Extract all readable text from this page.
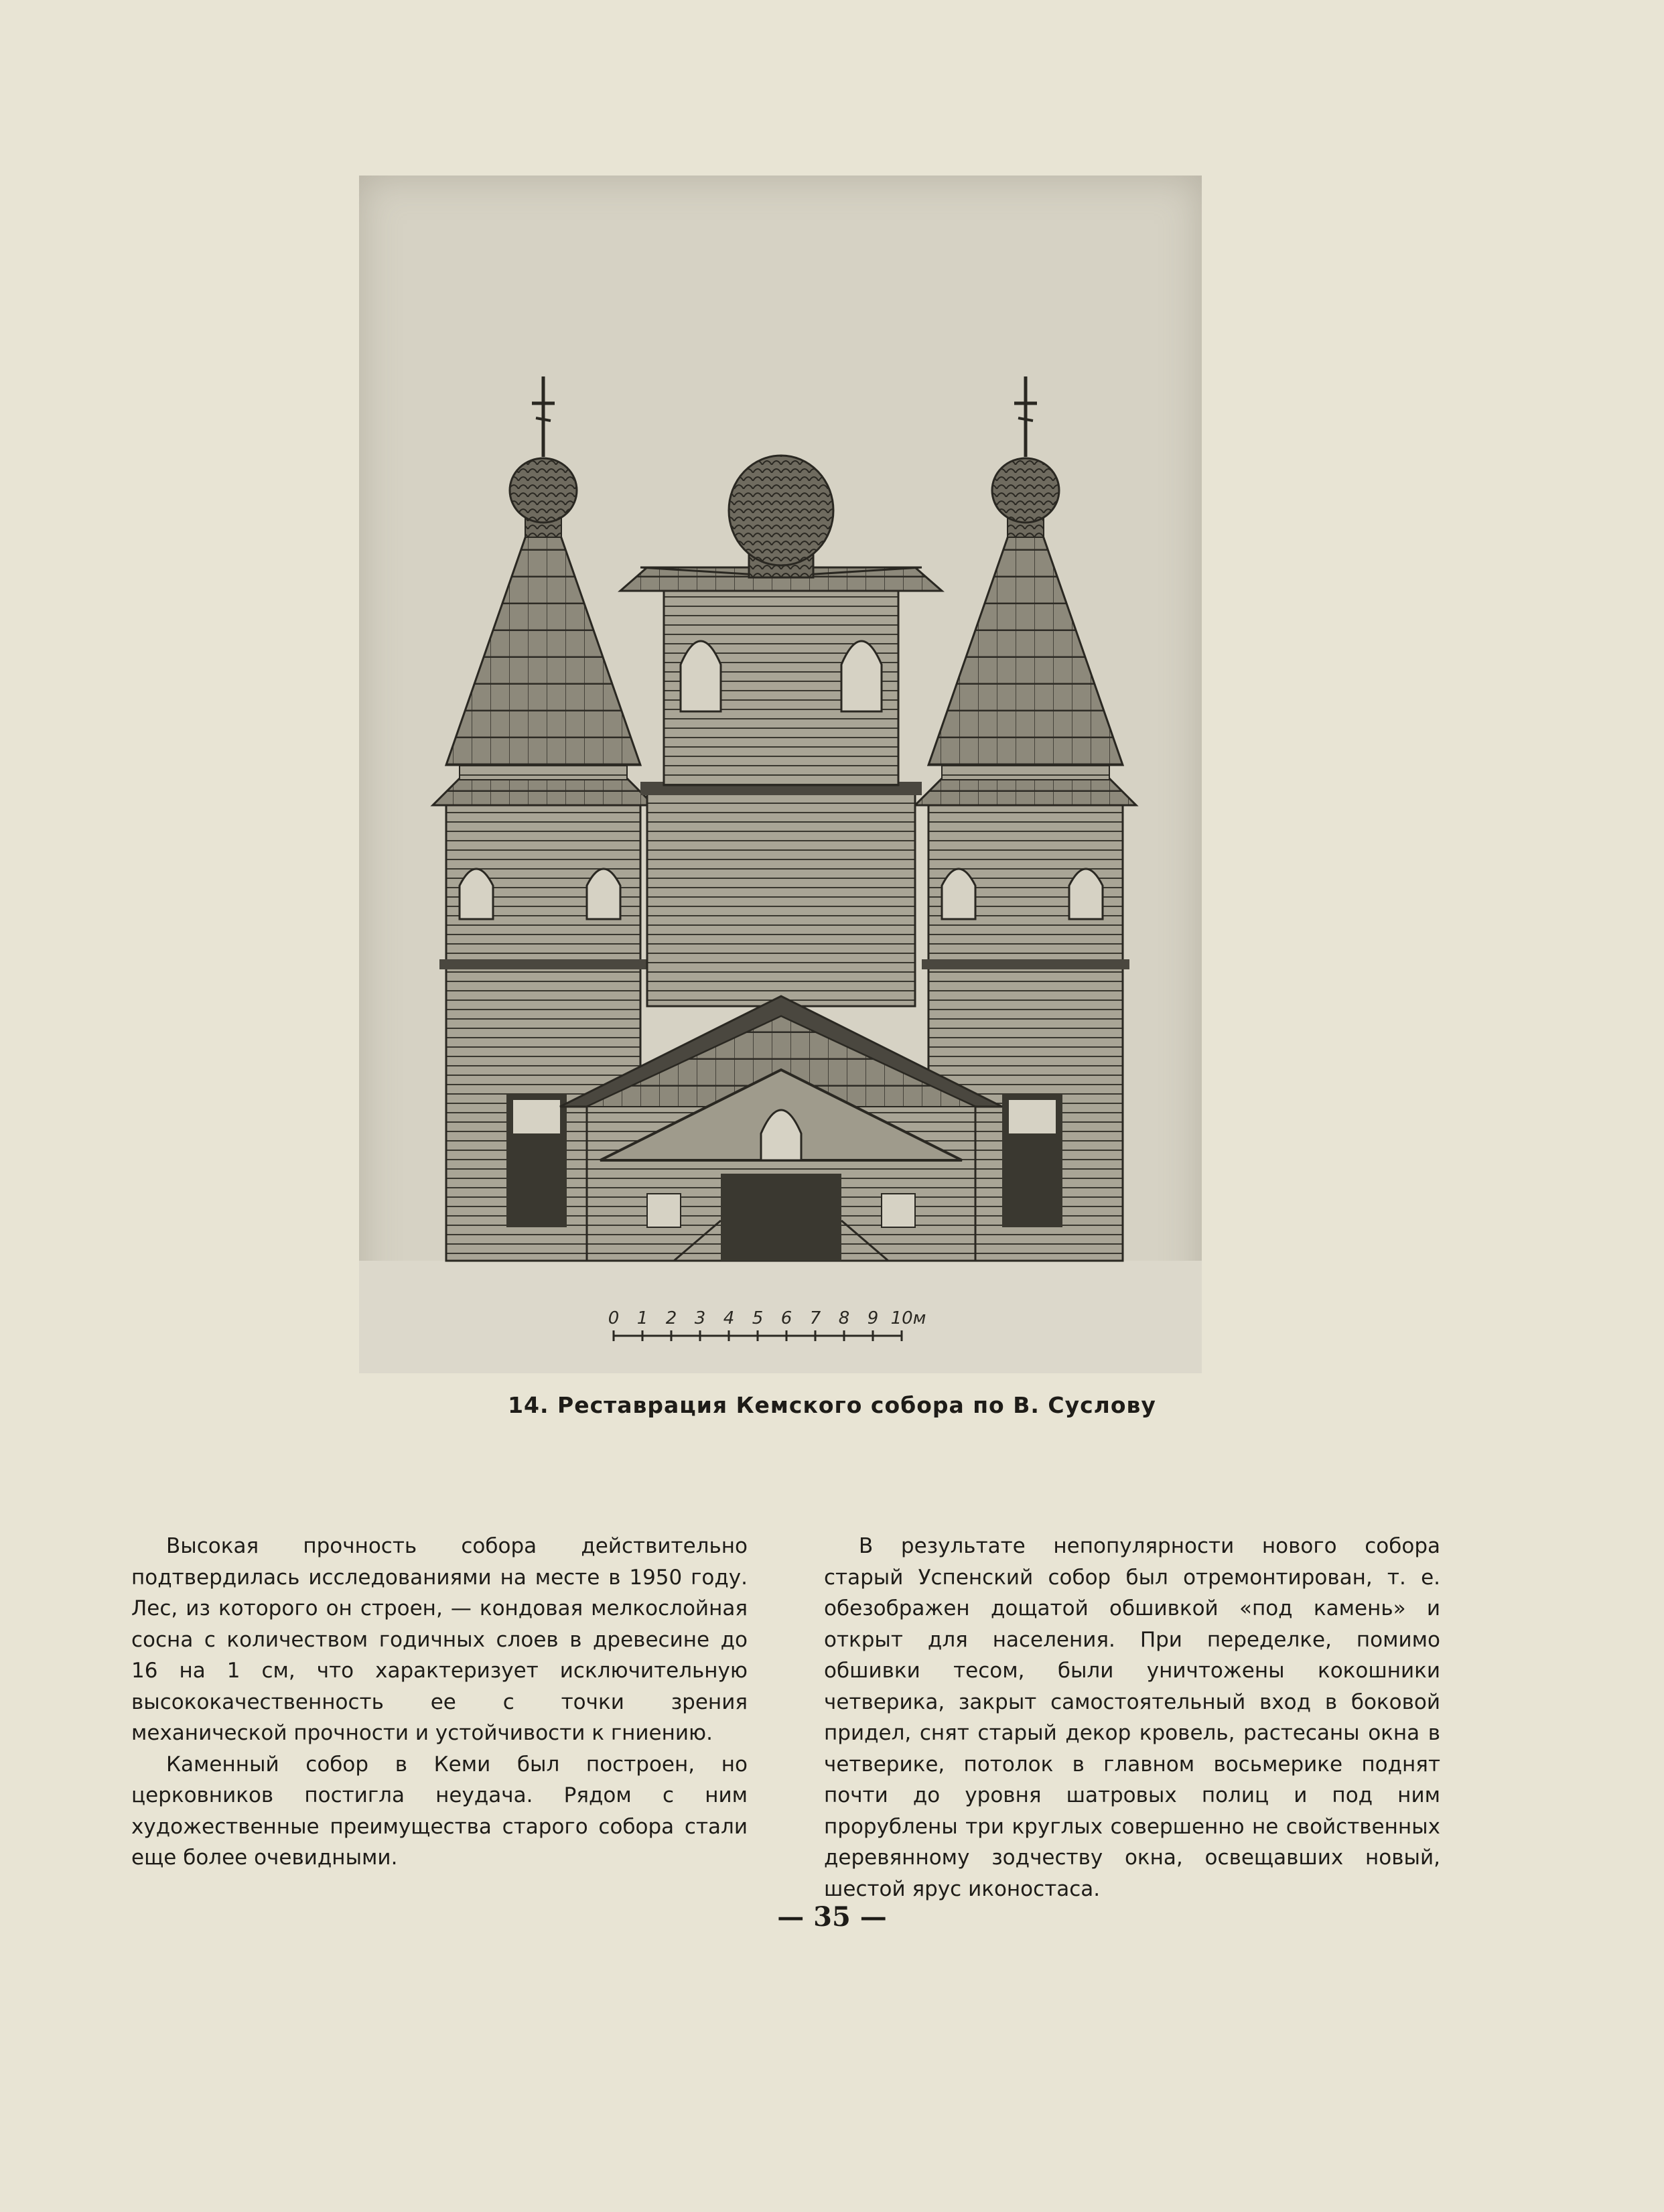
0 1 2 3 4 5 6 7 8 9 10м
14. Реставрация Кемского собора по В. Суслову

Высокая прочность собора действительно подтвердилась исследованиями на месте в 1950 году. Лес, из которого он строен, — кондовая мелкослойная сосна с количеством годичных слоев в древесине до 16 на 1 см, что характеризует исключительную высококачественность ее с точки зрения механической прочности и устойчивости к гниению.

Каменный собор в Кеми был построен, но церковников постигла неудача. Рядом с ним художественные преимущества старого собора стали еще более очевидными.

В результате непопулярности нового собора старый Успенский собор был отремонтирован, т. е. обезображен дощатой обшивкой «под камень» и открыт для населения. При переделке, помимо обшивки тесом, были уничтожены кокошники четверика, закрыт самостоятельный вход в боковой придел, снят старый декор кровель, растесаны окна в четверике, потолок в главном восьмерике поднят почти до уровня шатровых полиц и под ним прорублены три круглых совершенно не свойственных деревянному зодчеству окна, освещавших новый, шестой ярус иконостаса.

— 35 —
